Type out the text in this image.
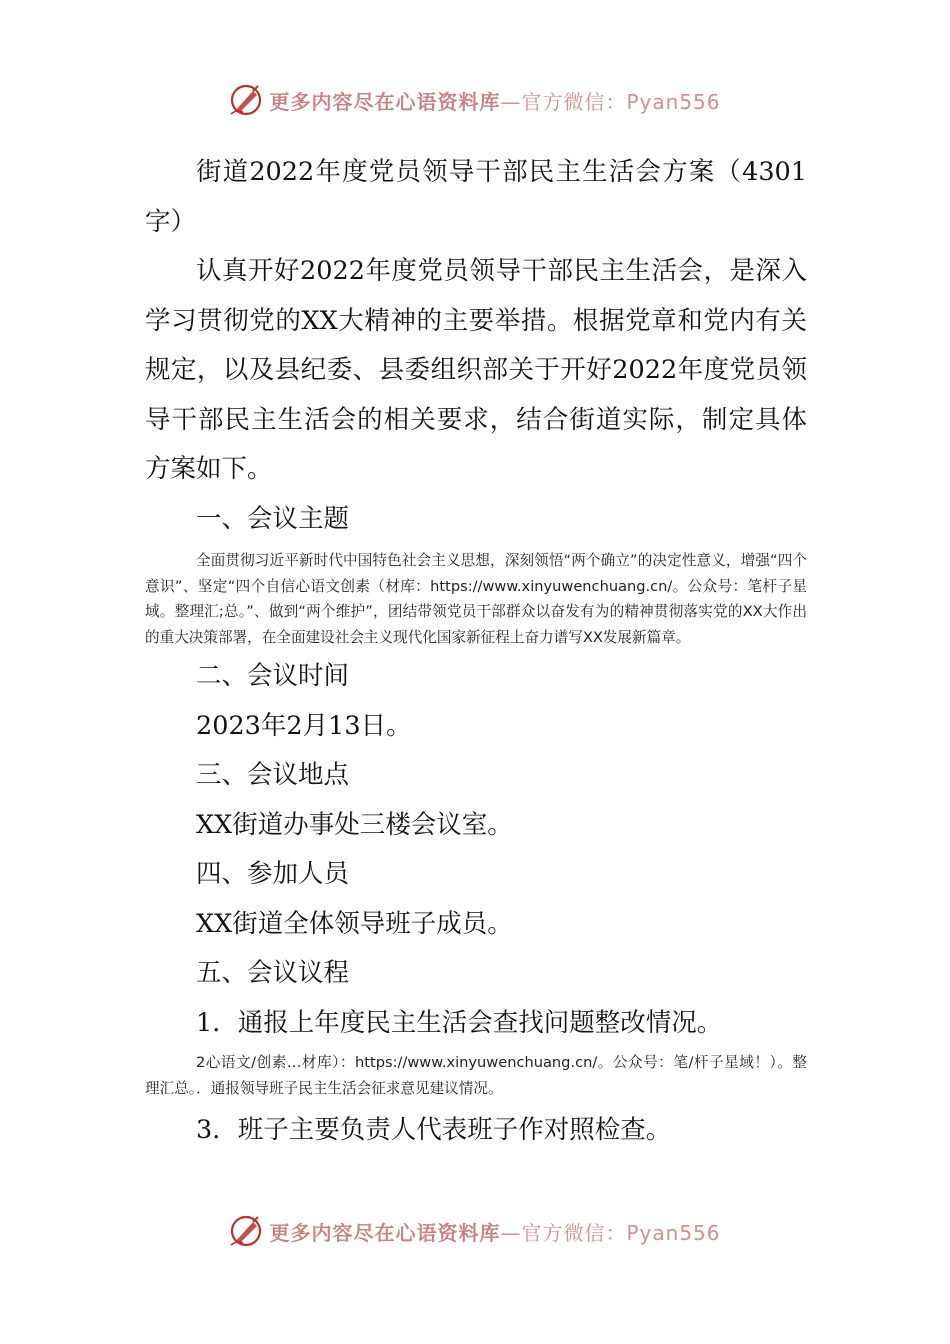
更多内容尽在心语资料库—官方微信：Pyan556

街道2022年度党员领导干部民主生活会方案（4301字）

认真开好2022年度党员领导干部民主生活会，是深入学习贯彻党的XX大精神的主要举措。根据党章和党内有关规定，以及县纪委、县委组织部关于开好2022年度党员领导干部民主生活会的相关要求，结合街道实际，制定具体方案如下。

一、会议主题

全面贯彻习近平新时代中国特色社会主义思想，深刻领悟“两个确立”的决定性意义，增强“四个意识”、坚定“四个自信心语文创素（材库：https://www.xinyuwenchuang.cn/。公众号：笔杆子星域。整理汇;总。”、做到“两个维护”，团结带领党员干部群众以奋发有为的精神贯彻落实党的XX大作出的重大决策部署，在全面建设社会主义现代化国家新征程上奋力谱写XX发展新篇章。

二、会议时间

2023年2月13日。

三、会议地点

XX街道办事处三楼会议室。

四、参加人员

XX街道全体领导班子成员。

五、会议议程

1．通报上年度民主生活会查找问题整改情况。

2心语文/创素…材库）：https://www.xinyuwenchuang.cn/。公众号：笔/杆子星域！）。整理汇总。．通报领导班子民主生活会征求意见建议情况。

3．班子主要负责人代表班子作对照检查。

更多内容尽在心语资料库—官方微信：Pyan556
